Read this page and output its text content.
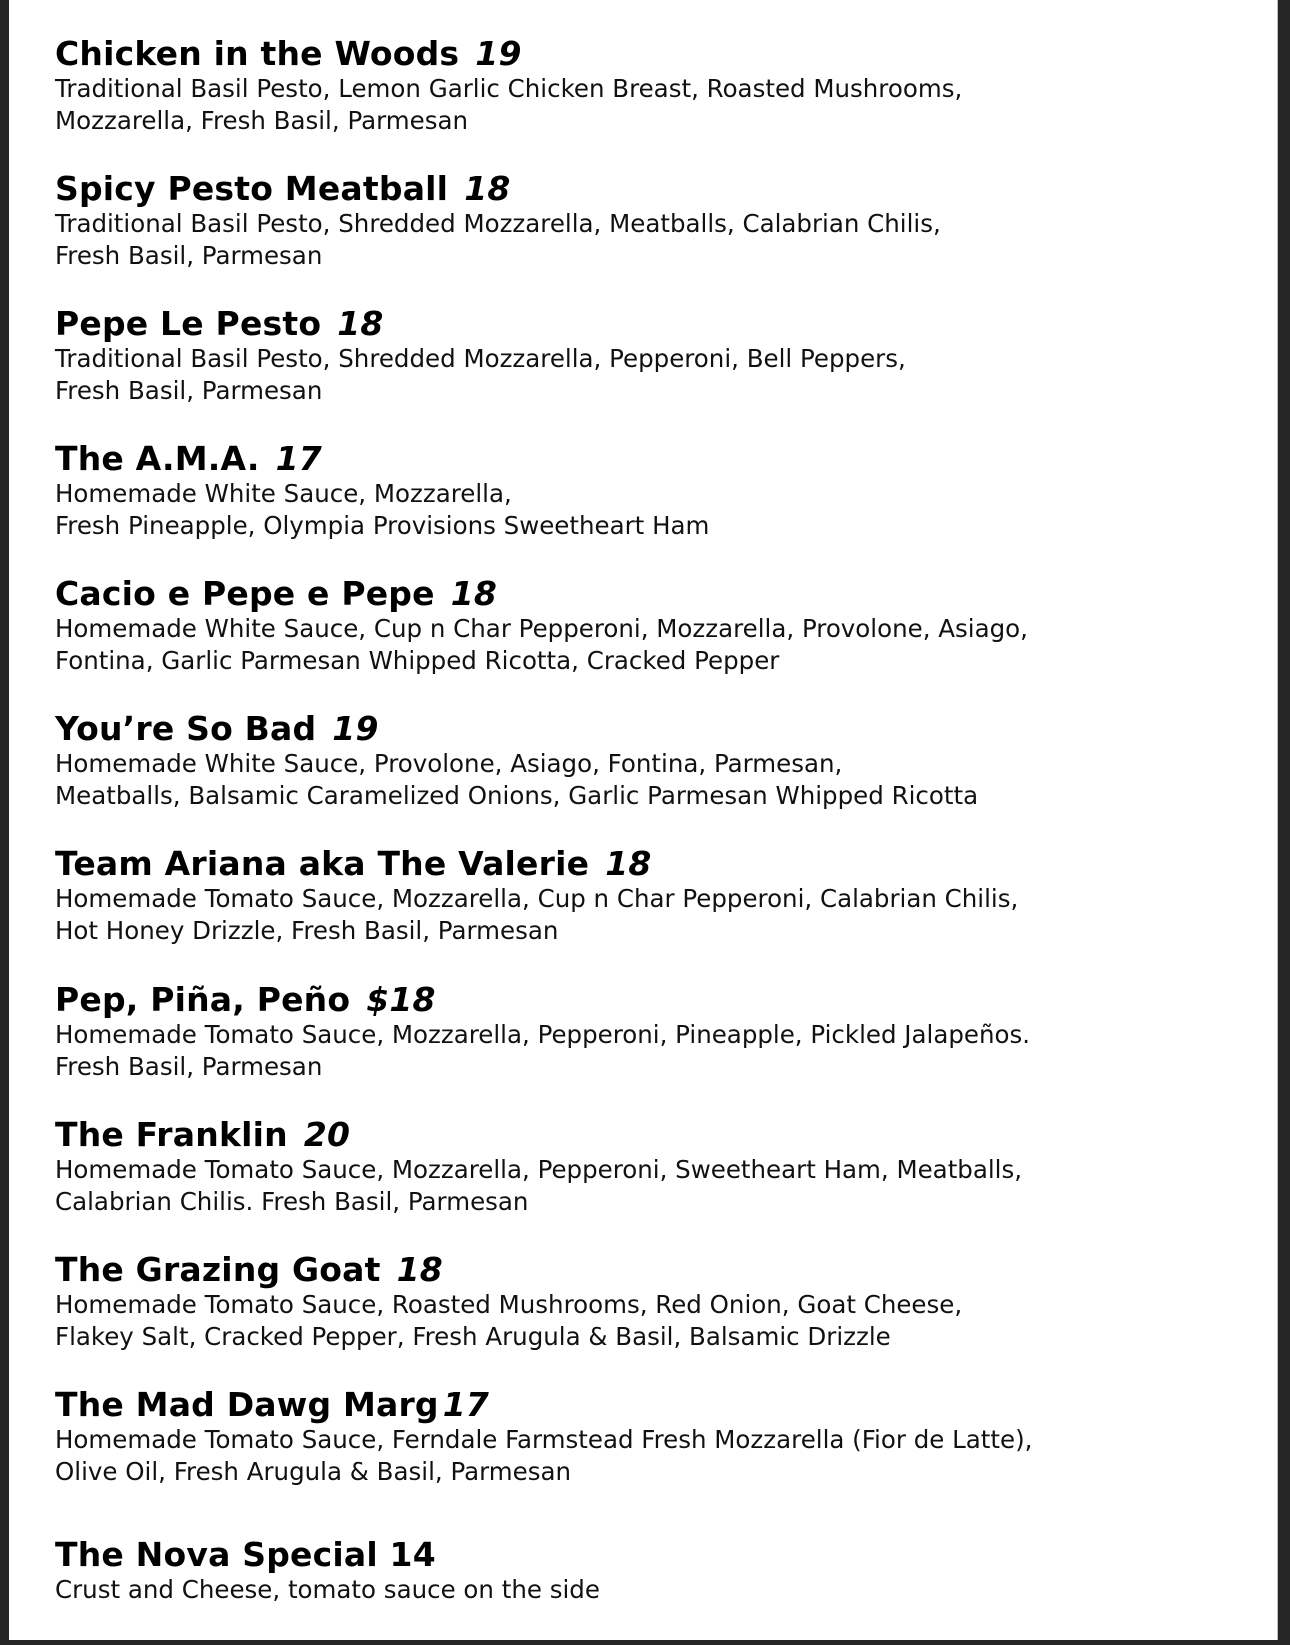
Chicken in the Woods 19

Traditional Basil Pesto, Lemon Garlic Chicken Breast, Roasted Mushrooms,
Mozzarella, Fresh Basil, Parmesan

Spicy Pesto Meatball 18

Traditional Basil Pesto, Shredded Mozzarella, Meatballs, Calabrian Chilis,
Fresh Basil, Parmesan

Pepe Le Pesto 18

Traditional Basil Pesto, Shredded Mozzarella, Pepperoni, Bell Peppers,
Fresh Basil, Parmesan

The A.M.A. 17

Homemade White Sauce, Mozzarella,
Fresh Pineapple, Olympia Provisions Sweetheart Ham

Cacio e Pepe e Pepe 18

Homemade White Sauce, Cup n Char Pepperoni, Mozzarella, Provolone, Asiago,
Fontina, Garlic Parmesan Whipped Ricotta, Cracked Pepper

You’re So Bad 19

Homemade White Sauce, Provolone, Asiago, Fontina, Parmesan,
Meatballs, Balsamic Caramelized Onions, Garlic Parmesan Whipped Ricotta

Team Ariana aka The Valerie 18

Homemade Tomato Sauce, Mozzarella, Cup n Char Pepperoni, Calabrian Chilis,
Hot Honey Drizzle, Fresh Basil, Parmesan

Pep, Piña, Peño $18

Homemade Tomato Sauce, Mozzarella, Pepperoni, Pineapple, Pickled Jalapeños.
Fresh Basil, Parmesan

The Franklin 20

Homemade Tomato Sauce, Mozzarella, Pepperoni, Sweetheart Ham, Meatballs,
Calabrian Chilis. Fresh Basil, Parmesan

The Grazing Goat 18

Homemade Tomato Sauce, Roasted Mushrooms, Red Onion, Goat Cheese,
Flakey Salt, Cracked Pepper, Fresh Arugula & Basil, Balsamic Drizzle

The Mad Dawg Marg 17

Homemade Tomato Sauce, Ferndale Farmstead Fresh Mozzarella (Fior de Latte),
Olive Oil, Fresh Arugula & Basil, Parmesan

The Nova Special 14

Crust and Cheese, tomato sauce on the side
